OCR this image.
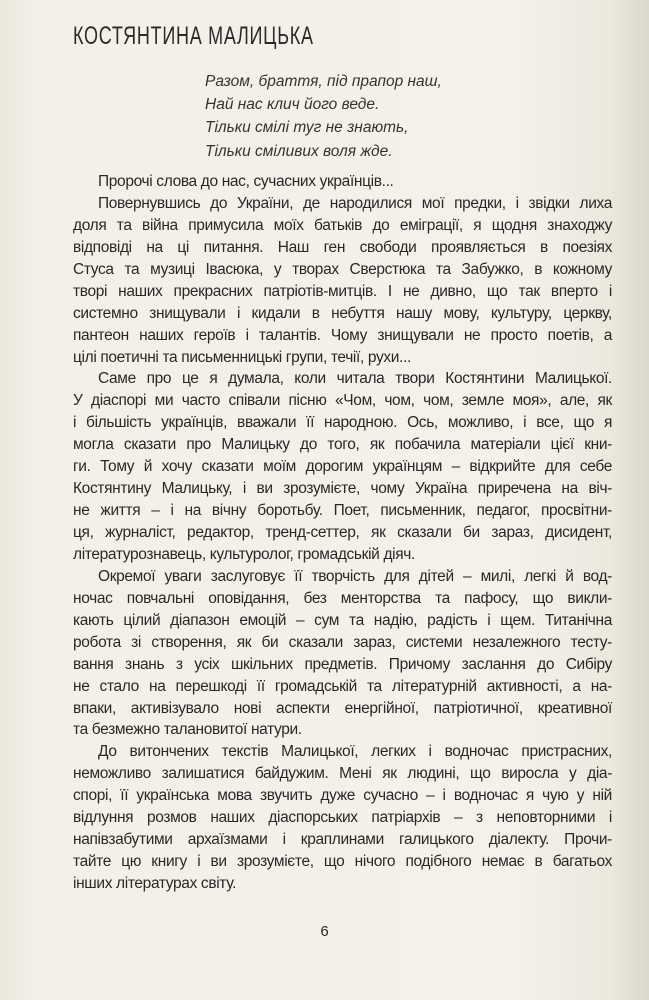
КОСТЯНТИНА МАЛИЦЬКА
Разом, браття, під прапор наш,
Най нас клич його веде.
Тільки смілі туг не знають,
Тільки сміливих воля жде.
Пророчі слова до нас, сучасних українців...
Повернувшись до України, де народилися мої предки, і звідки лиха
доля та війна примусила моїх батьків до еміграції, я щодня знаходжу
відповіді на ці питання. Наш ген свободи проявляється в поезіях
Стуса та музиці Івасюка, у творах Сверстюка та Забужко, в кожному
творі наших прекрасних патріотів-митців. І не дивно, що так вперто і
системно знищували і кидали в небуття нашу мову, культуру, церкву,
пантеон наших героїв і талантів. Чому знищували не просто поетів, а
цілі поетичні та письменницькі групи, течії, рухи...
Саме про це я думала, коли читала твори Костянтини Малицької.
У діаспорі ми часто співали пісню «Чом, чом, чом, земле моя», але, як
і більшість українців, вважали її народною. Ось, можливо, і все, що я
могла сказати про Малицьку до того, як побачила матеріали цієї кни-
ги. Тому й хочу сказати моїм дорогим українцям – відкрийте для себе
Костянтину Малицьку, і ви зрозумієте, чому Україна приречена на віч-
не життя – і на вічну боротьбу. Поет, письменник, педагог, просвітни-
ця, журналіст, редактор, тренд-сеттер, як сказали би зараз, дисидент,
літературознавець, культуролог, громадській діяч.
Окремої уваги заслуговує її творчість для дітей – милі, легкі й вод-
ночас повчальні оповідання, без менторства та пафосу, що викли-
кають цілий діапазон емоцій – сум та надію, радість і щем. Титанічна
робота зі створення, як би сказали зараз, системи незалежного тесту-
вання знань з усіх шкільних предметів. Причому заслання до Сибіру
не стало на перешкоді її громадській та літературній активності, а на-
впаки, активізувало нові аспекти енергійної, патріотичної, креативної
та безмежно талановитої натури.
До витончених текстів Малицької, легких і водночас пристрасних,
неможливо залишатися байдужим. Мені як людині, що виросла у діа-
спорі, її українська мова звучить дуже сучасно – і водночас я чую у ній
відлуння розмов наших діаспорських патріархів – з неповторними і
напівзабутими архаїзмами і краплинами галицького діалекту. Прочи-
тайте цю книгу і ви зрозумієте, що нічого подібного немає в багатьох
інших літературах світу.
6
